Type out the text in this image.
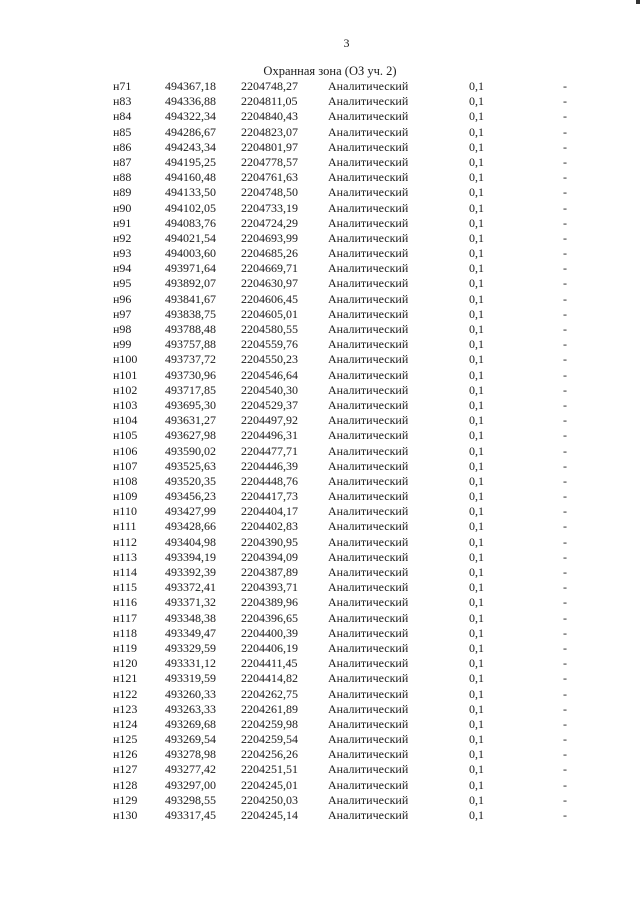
3
Охранная зона (ОЗ уч. 2)
н71	494367,18 2204748,27	Аналитический	0,1	-
н83	494336,88 2204811,05	Аналитический	0,1	-
н84	494322,34 2204840,43	Аналитический	0,1	-
н85	494286,67 2204823,07	Аналитический	0,1	-
н86	494243,34 2204801,97	Аналитический	0,1	-
н87	494195,25 2204778,57	Аналитический	0,1	-
н88	494160,48 2204761,63	Аналитический	0,1	-
н89	494133,50 2204748,50	Аналитический	0,1	-
н90	494102,05 2204733,19	Аналитический	0,1	-
н91	494083,76 2204724,29	Аналитический	0,1	-
н92	494021,54 2204693,99	Аналитический	0,1	-
н93	494003,60 2204685,26	Аналитический	0,1	-
н94	493971,64 2204669,71	Аналитический	0,1	-
н95	493892,07 2204630,97	Аналитический	0,1	-
н96	493841,67 2204606,45	Аналитический	0,1	-
н97	493838,75 2204605,01	Аналитический	0,1	-
н98	493788,48 2204580,55	Аналитический	0,1	-
н99	493757,88 2204559,76	Аналитический	0,1	-
н100 493737,72 2204550,23	Аналитический	0,1	-
н101 493730,96 2204546,64	Аналитический	0,1	-
н102 493717,85 2204540,30	Аналитический	0,1	-
н103 493695,30 2204529,37	Аналитический	0,1	-
н104 493631,27 2204497,92	Аналитический	0,1	-
н105 493627,98 2204496,31	Аналитический	0,1	-
н106 493590,02 2204477,71	Аналитический	0,1	-
н107 493525,63 2204446,39	Аналитический	0,1	-
н108 493520,35 2204448,76	Аналитический	0,1	-
н109 493456,23 2204417,73	Аналитический	0,1	-
н110 493427,99 2204404,17	Аналитический	0,1	-
н111 493428,66 2204402,83	Аналитический	0,1	-
н112 493404,98 2204390,95	Аналитический	0,1	-
н113 493394,19 2204394,09	Аналитический	0,1	-
н114 493392,39 2204387,89	Аналитический	0,1	-
н115 493372,41 2204393,71	Аналитический	0,1	-
н116 493371,32 2204389,96	Аналитический	0,1	-
н117 493348,38 2204396,65	Аналитический	0,1	-
н118 493349,47 2204400,39	Аналитический	0,1	-
н119 493329,59 2204406,19	Аналитический	0,1	-
н120 493331,12 2204411,45	Аналитический	0,1	-
н121 493319,59 2204414,82	Аналитический	0,1	-
н122 493260,33 2204262,75	Аналитический	0,1	-
н123 493263,33 2204261,89	Аналитический	0,1	-
н124 493269,68 2204259,98	Аналитический	0,1	-
н125 493269,54 2204259,54	Аналитический	0,1	-
н126 493278,98 2204256,26	Аналитический	0,1	-
н127 493277,42 2204251,51	Аналитический	0,1	-
н128 493297,00 2204245,01	Аналитический	0,1	-
н129 493298,55 2204250,03	Аналитический	0,1	-
н130 493317,45 2204245,14	Аналитический	0,1	-
